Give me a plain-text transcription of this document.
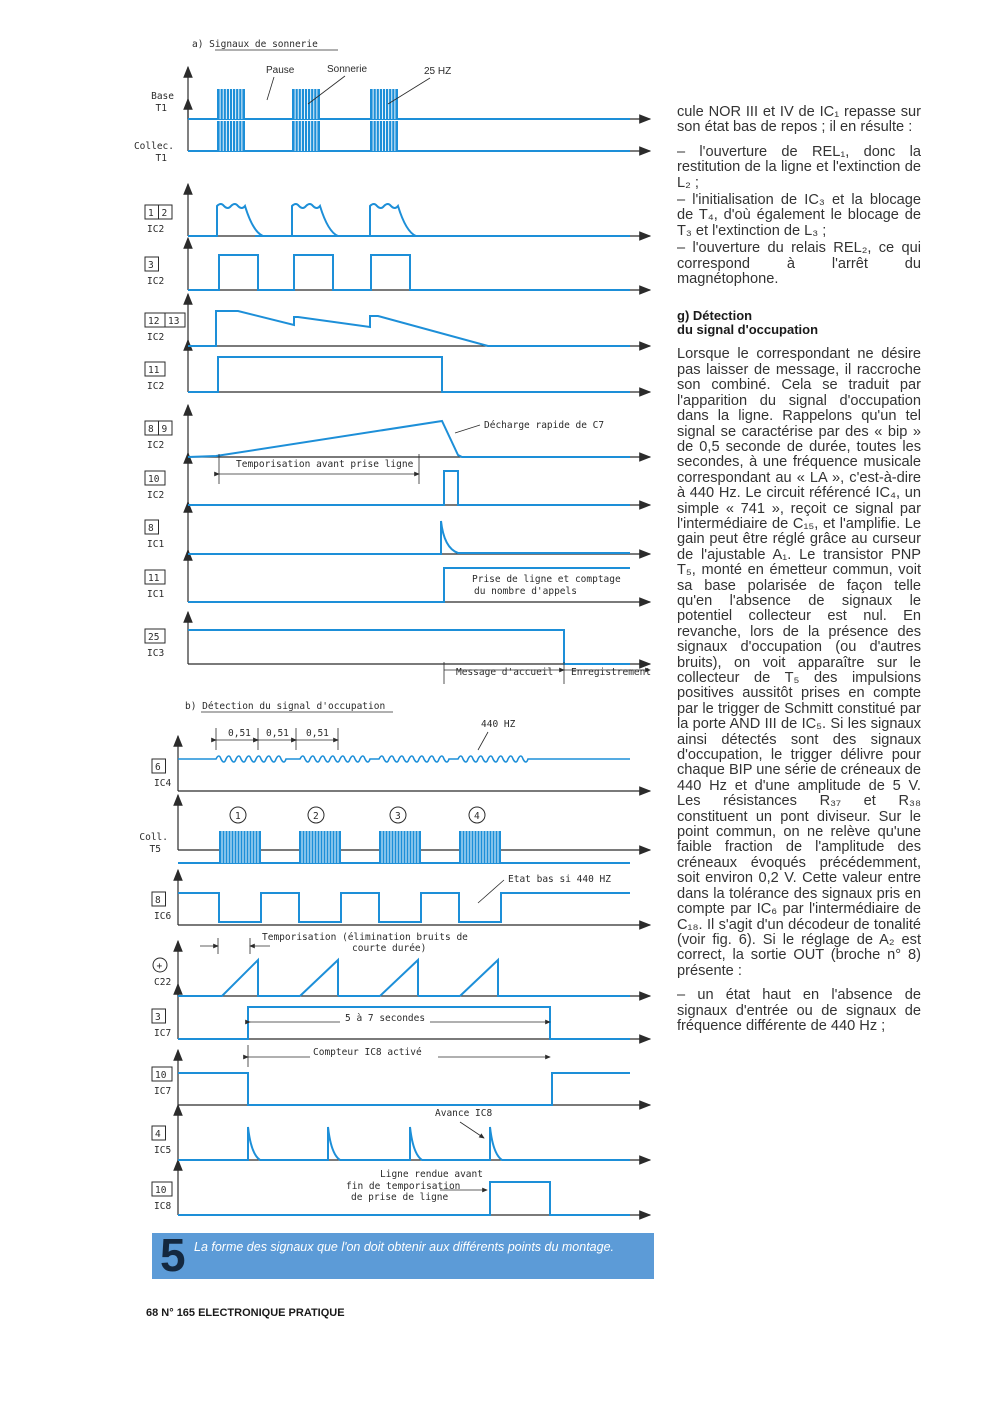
Base
T1
Collec.
T1
1 2
IC2
3
IC2
12 13
IC2
11
IC2
8 9
IC2
10
IC2
8
IC1
11
IC1
25
IC3
6
IC4
Coll.
T5
8
IC6
+
C22
3
IC7
10
IC7
4
IC5
10
IC8
a) Signaux de sonnerie
b) Détection du signal d'occupation
Pause	Sonnerie	25 HZ
Décharge rapide de C7
Temporisation avant prise ligne
Prise de ligne et comptage
du nombre d'appels
Message d'accueil Enregistrement
0,51 0,51 0,51
440 HZ
1	2	3	4
Etat bas si 440 HZ
Temporisation (élimination bruits de
courte durée)
5 à 7 secondes
Compteur IC8 activé
Avance IC8
Ligne rendue avant
fin de temporisation
de prise de ligne

cule NOR III et IV de IC₁ repasse sur son état bas de repos ; il en résulte :

– l'ouverture de REL₁, donc la restitution de la ligne et l'extinction de L₂ ;

– l'initialisation de IC₃ et la blocage de T₄, d'où également le blocage de T₃ et l'extinction de L₃ ;

– l'ouverture du relais REL₂, ce qui correspond à l'arrêt du magnétophone.

g) Détection
du signal d'occupation

Lorsque le correspondant ne désire pas laisser de message, il raccroche son combiné. Cela se traduit par l'apparition du signal d'occupation dans la ligne. Rappelons qu'un tel signal se caractérise par des « bip » de 0,5 seconde de durée, toutes les secondes, à une fréquence musicale correspondant au « LA », c'est-à-dire à 440 Hz. Le circuit référencé IC₄, un simple « 741 », reçoit ce signal par l'intermédiaire de C₁₅, et l'amplifie. Le gain peut être réglé grâce au curseur de l'ajustable A₁. Le transistor PNP T₅, monté en émetteur commun, voit sa base polarisée de façon telle qu'en l'absence de signaux le potentiel collecteur est nul. En revanche, lors de la présence des signaux d'occupation (ou d'autres bruits), on voit apparaître sur le collecteur de T₅ des impulsions positives aussitôt prises en compte par le trigger de Schmitt constitué par la porte AND III de IC₅. Si les signaux ainsi détectés sont des signaux d'occupation, le trigger délivre pour chaque BIP une série de créneaux de 440 Hz et d'une amplitude de 5 V. Les résistances R₃₇ et R₃₈ constituent un pont diviseur. Sur le point commun, on ne relève qu'une faible fraction de l'amplitude des créneaux évoqués précédemment, soit environ 0,2 V. Cette valeur entre dans la tolérance des signaux pris en compte par IC₆ par l'intermédiaire de C₁₈. Il s'agit d'un décodeur de tonalité (voir fig. 6). Si le réglage de A₂ est correct, la sortie OUT (broche n° 8) présente :

– un état haut en l'absence de signaux d'entrée ou de signaux de fréquence différente de 440 Hz ;

5 La forme des signaux que l'on doit obtenir aux différents points du montage.
68 N° 165 ELECTRONIQUE PRATIQUE
